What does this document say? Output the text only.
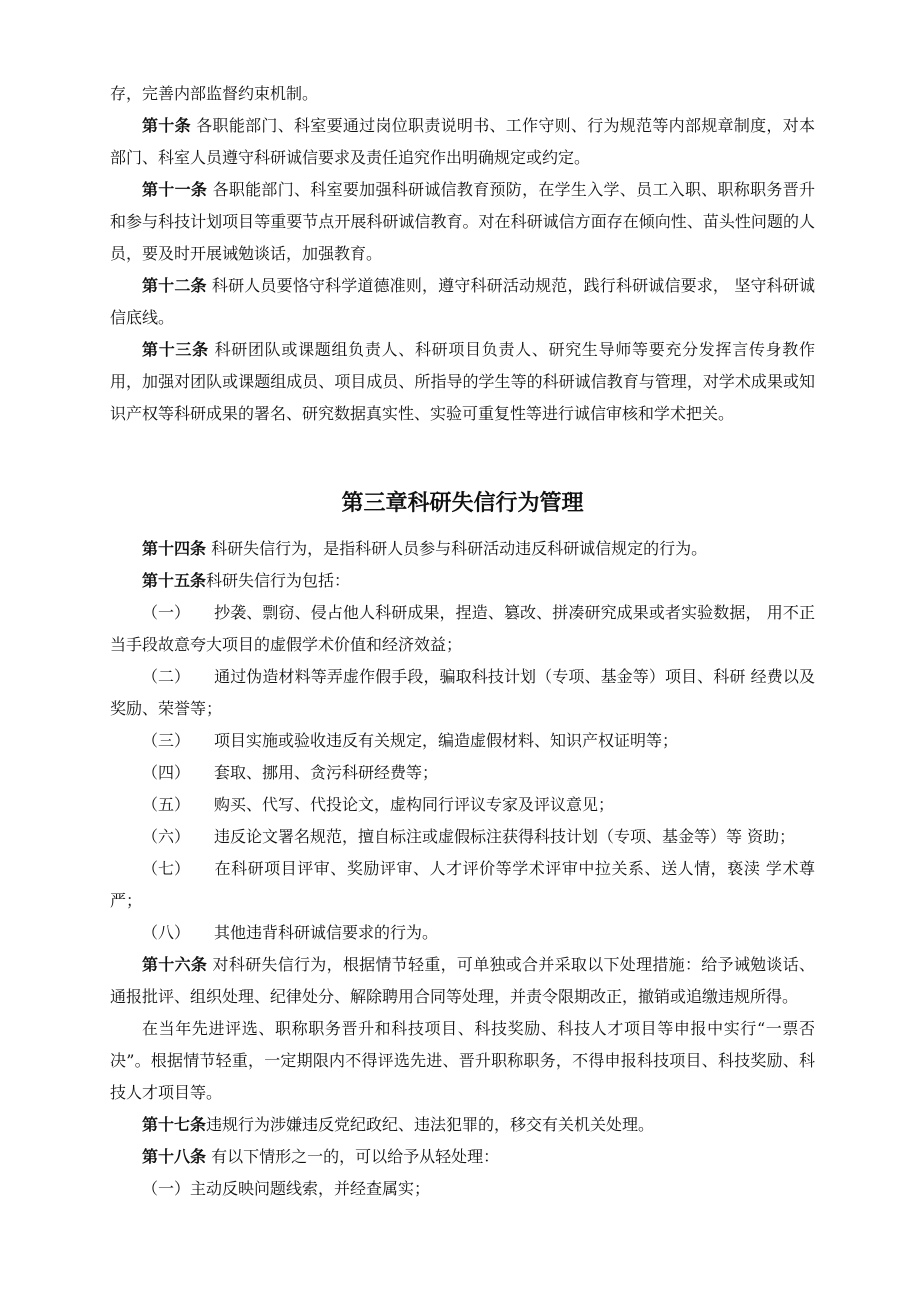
存，完善内部监督约束机制。

第十条 各职能部门、科室要通过岗位职责说明书、工作守则、行为规范等内部规章制度，对本部门、科室人员遵守科研诚信要求及责任追究作出明确规定或约定。

第十一条 各职能部门、科室要加强科研诚信教育预防，在学生入学、员工入职、职称职务晋升和参与科技计划项目等重要节点开展科研诚信教育。对在科研诚信方面存在倾向性、苗头性问题的人员，要及时开展诫勉谈话，加强教育。

第十二条 科研人员要恪守科学道德准则，遵守科研活动规范，践行科研诚信要求， 坚守科研诚信底线。

第十三条 科研团队或课题组负责人、科研项目负责人、研究生导师等要充分发挥言传身教作用，加强对团队或课题组成员、项目成员、所指导的学生等的科研诚信教育与管理，对学术成果或知识产权等科研成果的署名、研究数据真实性、实验可重复性等进行诚信审核和学术把关。

第三章科研失信行为管理

第十四条 科研失信行为，是指科研人员参与科研活动违反科研诚信规定的行为。

第十五条科研失信行为包括：

（一） 抄袭、剽窃、侵占他人科研成果，捏造、篡改、拼凑研究成果或者实验数据， 用不正当手段故意夸大项目的虚假学术价值和经济效益；

（二） 通过伪造材料等弄虚作假手段，骗取科技计划（专项、基金等）项目、科研 经费以及奖励、荣誉等；

（三） 项目实施或验收违反有关规定，编造虚假材料、知识产权证明等；

（四） 套取、挪用、贪污科研经费等；

（五） 购买、代写、代投论文，虚构同行评议专家及评议意见；

（六） 违反论文署名规范，擅自标注或虚假标注获得科技计划（专项、基金等）等 资助；

（七） 在科研项目评审、奖励评审、人才评价等学术评审中拉关系、送人情，亵渎 学术尊严；

（八） 其他违背科研诚信要求的行为。

第十六条 对科研失信行为，根据情节轻重，可单独或合并采取以下处理措施：给予诫勉谈话、通报批评、组织处理、纪律处分、解除聘用合同等处理，并责令限期改正，撤销或追缴违规所得。

在当年先进评选、职称职务晋升和科技项目、科技奖励、科技人才项目等申报中实行“一票否决”。根据情节轻重，一定期限内不得评选先进、晋升职称职务，不得申报科技项目、科技奖励、科技人才项目等。

第十七条违规行为涉嫌违反党纪政纪、违法犯罪的，移交有关机关处理。

第十八条 有以下情形之一的，可以给予从轻处理：

（一）主动反映问题线索，并经查属实；
